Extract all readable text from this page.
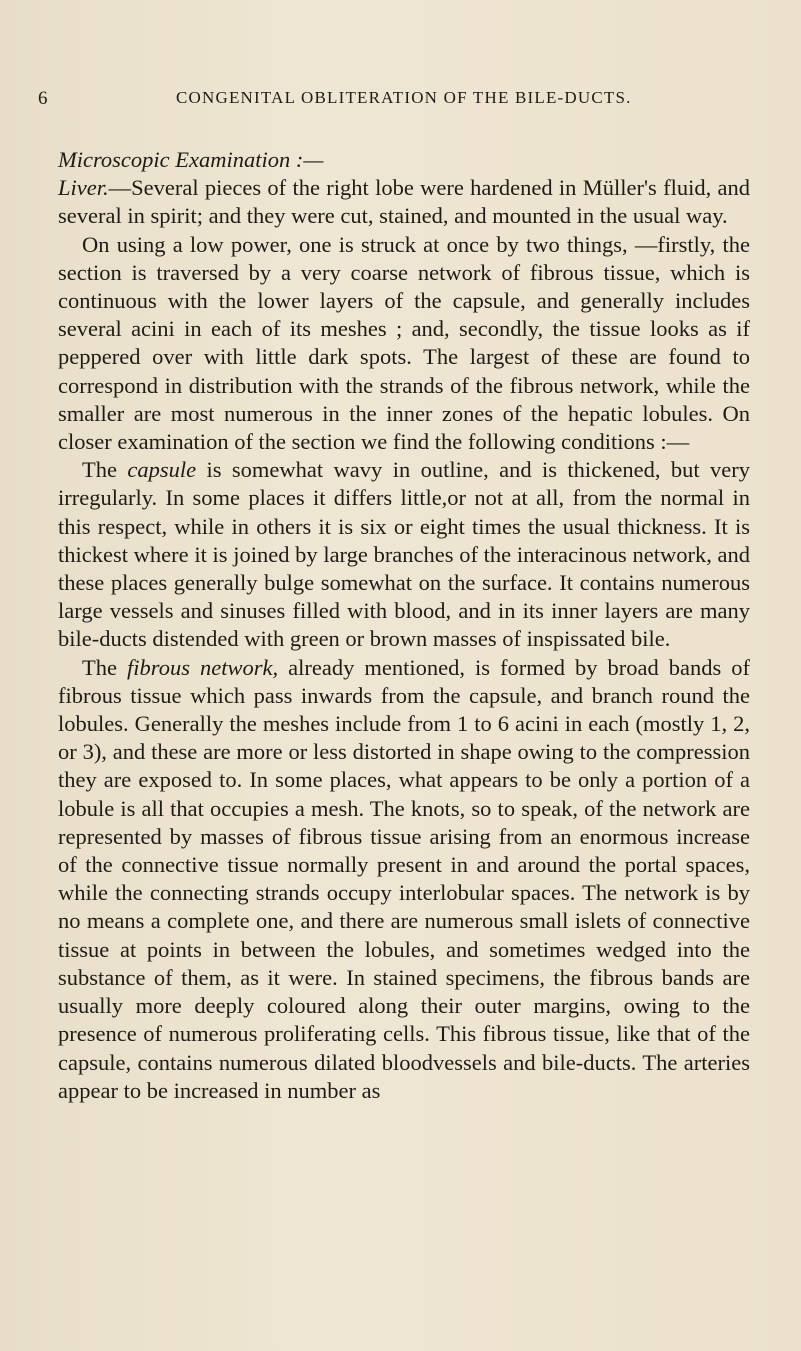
6	CONGENITAL OBLITERATION OF THE BILE-DUCTS.

Microscopic Examination :—

Liver.—Several pieces of the right lobe were hardened in Müller's fluid, and several in spirit; and they were cut, stained, and mounted in the usual way.

On using a low power, one is struck at once by two things, —firstly, the section is traversed by a very coarse network of fibrous tissue, which is continuous with the lower layers of the capsule, and generally includes several acini in each of its meshes ; and, secondly, the tissue looks as if peppered over with little dark spots. The largest of these are found to correspond in distribution with the strands of the fibrous network, while the smaller are most numerous in the inner zones of the hepatic lobules. On closer examination of the section we find the following conditions :—

The capsule is somewhat wavy in outline, and is thickened, but very irregularly. In some places it differs little,or not at all, from the normal in this respect, while in others it is six or eight times the usual thickness. It is thickest where it is joined by large branches of the interacinous network, and these places generally bulge somewhat on the surface. It contains numerous large vessels and sinuses filled with blood, and in its inner layers are many bile-ducts distended with green or brown masses of inspissated bile.

The fibrous network, already mentioned, is formed by broad bands of fibrous tissue which pass inwards from the capsule, and branch round the lobules. Generally the meshes include from 1 to 6 acini in each (mostly 1, 2, or 3), and these are more or less distorted in shape owing to the compression they are exposed to. In some places, what appears to be only a portion of a lobule is all that occupies a mesh. The knots, so to speak, of the network are represented by masses of fibrous tissue arising from an enormous increase of the connective tissue normally present in and around the portal spaces, while the connecting strands occupy interlobular spaces. The network is by no means a complete one, and there are numerous small islets of connective tissue at points in between the lobules, and sometimes wedged into the substance of them, as it were. In stained specimens, the fibrous bands are usually more deeply coloured along their outer margins, owing to the presence of numerous proliferating cells. This fibrous tissue, like that of the capsule, contains numerous dilated bloodvessels and bile-ducts. The arteries appear to be increased in number as
